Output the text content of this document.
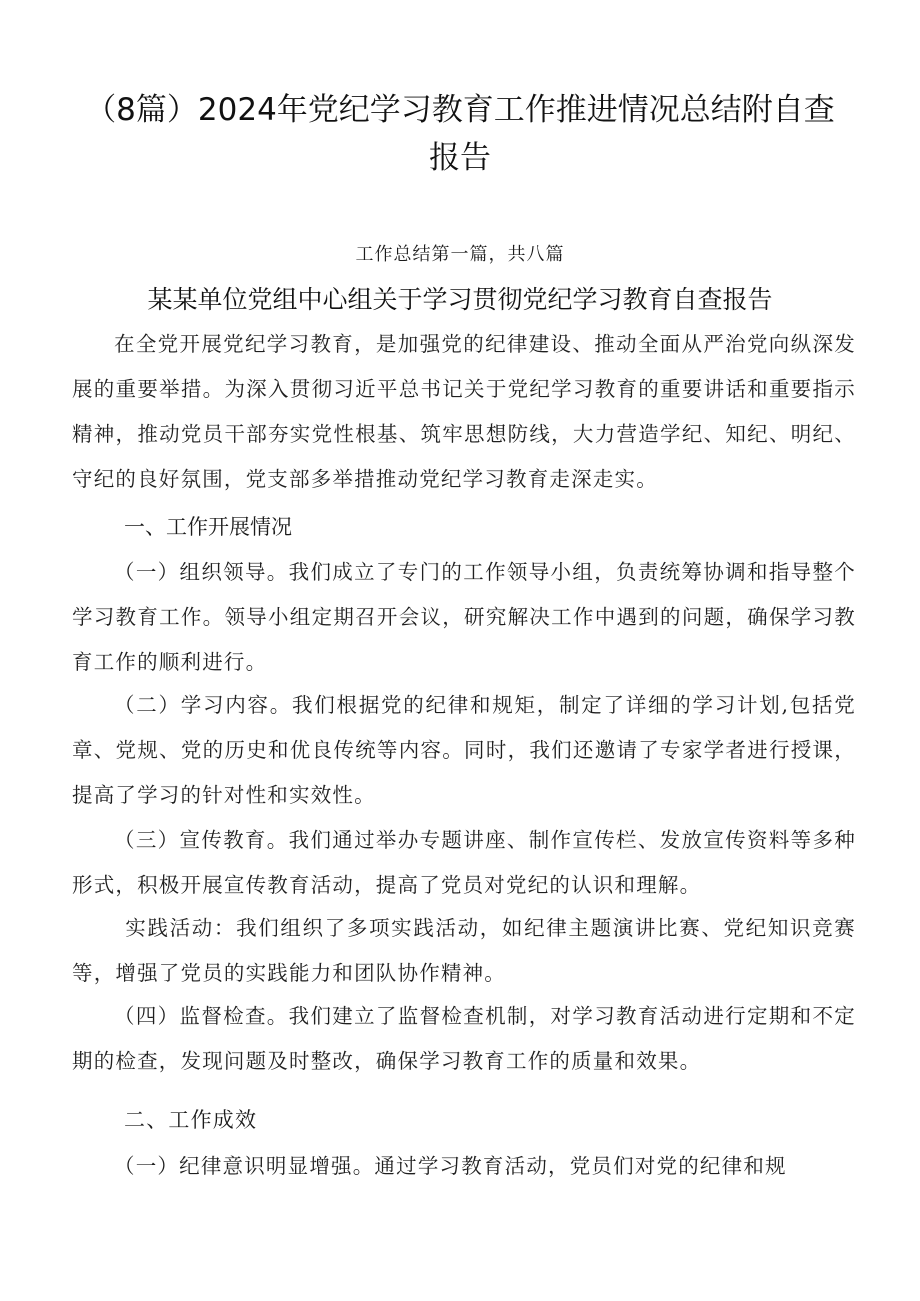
（8篇）2024年党纪学习教育工作推进情况总结附自查报告
工作总结第一篇，共八篇
某某单位党组中心组关于学习贯彻党纪学习教育自查报告

在全党开展党纪学习教育，是加强党的纪律建设、推动全面从严治党向纵深发展的重要举措。为深入贯彻习近平总书记关于党纪学习教育的重要讲话和重要指示精神，推动党员干部夯实党性根基、筑牢思想防线，大力营造学纪、知纪、明纪、守纪的良好氛围，党支部多举措推动党纪学习教育走深走实。

一、工作开展情况

（一）组织领导。我们成立了专门的工作领导小组，负责统筹协调和指导整个学习教育工作。领导小组定期召开会议，研究解决工作中遇到的问题，确保学习教育工作的顺利进行。

（二）学习内容。我们根据党的纪律和规矩，制定了详细的学习计划,包括党章、党规、党的历史和优良传统等内容。同时，我们还邀请了专家学者进行授课，提高了学习的针对性和实效性。

（三）宣传教育。我们通过举办专题讲座、制作宣传栏、发放宣传资料等多种形式，积极开展宣传教育活动，提高了党员对党纪的认识和理解。

实践活动：我们组织了多项实践活动，如纪律主题演讲比赛、党纪知识竞赛等，增强了党员的实践能力和团队协作精神。

（四）监督检查。我们建立了监督检查机制，对学习教育活动进行定期和不定期的检查，发现问题及时整改，确保学习教育工作的质量和效果。

二、工作成效

（一）纪律意识明显增强。通过学习教育活动，党员们对党的纪律和规
